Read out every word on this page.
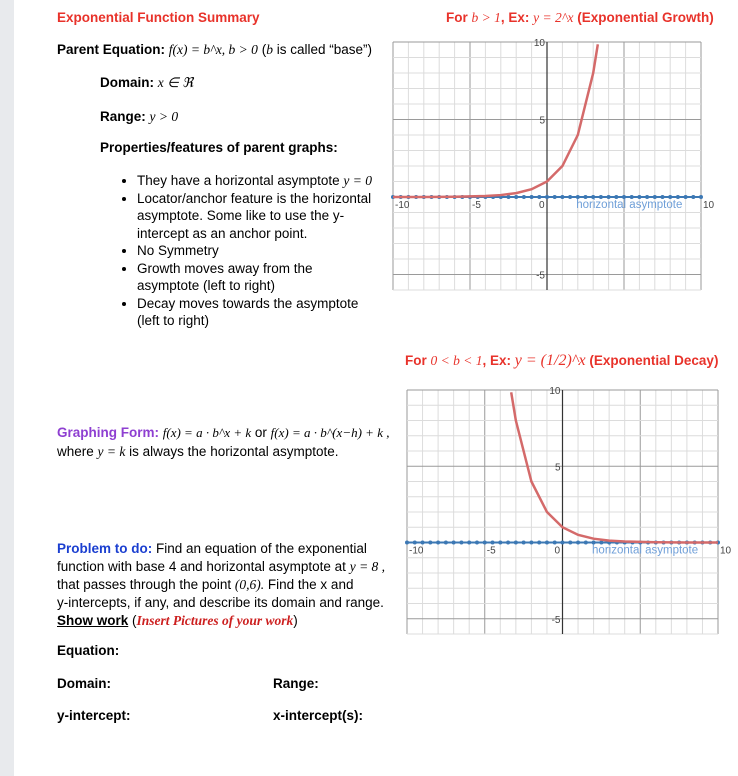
Exponential Function Summary
Parent Equation: f(x) = b^x, b > 0 (b is called “base”)
Domain: x ∈ ℜ
Range: y > 0
Properties/features of parent graphs:
• They have a horizontal asymptote y = 0
• Locator/anchor feature is the horizontal asymptote. Some like to use the y-intercept as an anchor point.
• No Symmetry
• Growth moves away from the asymptote (left to right)
• Decay moves towards the asymptote (left to right)
Graphing Form: f(x) = a · b^x + k or f(x) = a · b^(x−h) + k ,
where y = k is always the horizontal asymptote.
Problem to do: Find an equation of the exponential
function with base 4 and horizontal asymptote at y = 8 ,
that passes through the point (0,6). Find the x and
y-intercepts, if any, and describe its domain and range.
Show work (Insert Pictures of your work)
Equation:
Domain:	Range:
y-intercept:	x-intercept(s):
For b > 1, Ex: y = 2^x (Exponential Growth)
For 0 < b < 1, Ex: y = (1/2)^x (Exponential Decay)
-10	-5	0	10
10
5
-5
horizontal asymptote
-10	-5	0	10
10
5
-5
horizontal asymptote
